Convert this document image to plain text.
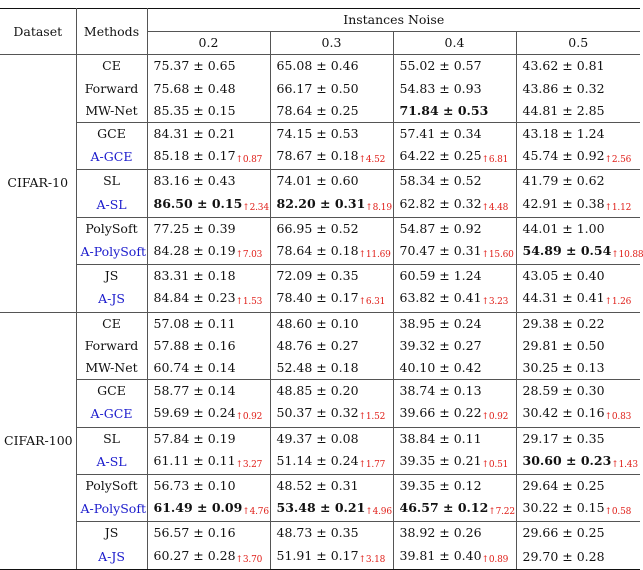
Dataset	Methods	Instances Noise			
		0.2	0.3	0.4	0.5
CIFAR-10	CE	75.37 ± 0.65	65.08 ± 0.46	55.02 ± 0.57	43.62 ± 0.81
	Forward	75.68 ± 0.48	66.17 ± 0.50	54.83 ± 0.93	43.86 ± 0.32
	MW-Net	85.35 ± 0.15	78.64 ± 0.25	71.84 ± 0.53	44.81 ± 2.85
	GCE	84.31 ± 0.21	74.15 ± 0.53	57.41 ± 0.34	43.18 ± 1.24
	A-GCE	85.18 ± 0.17↑0.87	78.67 ± 0.18↑4.52	64.22 ± 0.25↑6.81	45.74 ± 0.92↑2.56
	SL	83.16 ± 0.43	74.01 ± 0.60	58.34 ± 0.52	41.79 ± 0.62
	A-SL	86.50 ± 0.15↑2.34	82.20 ± 0.31↑8.19	62.82 ± 0.32↑4.48	42.91 ± 0.38↑1.12
	PolySoft	77.25 ± 0.39	66.95 ± 0.52	54.87 ± 0.92	44.01 ± 1.00
	A-PolySoft	84.28 ± 0.19↑7.03	78.64 ± 0.18↑11.69	70.47 ± 0.31↑15.60	54.89 ± 0.54↑10.88
	JS	83.31 ± 0.18	72.09 ± 0.35	60.59 ± 1.24	43.05 ± 0.40
	A-JS	84.84 ± 0.23↑1.53	78.40 ± 0.17↑6.31	63.82 ± 0.41↑3.23	44.31 ± 0.41↑1.26
CIFAR-100	CE	57.08 ± 0.11	48.60 ± 0.10	38.95 ± 0.24	29.38 ± 0.22
	Forward	57.88 ± 0.16	48.76 ± 0.27	39.32 ± 0.27	29.81 ± 0.50
	MW-Net	60.74 ± 0.14	52.48 ± 0.18	40.10 ± 0.42	30.25 ± 0.13
	GCE	58.77 ± 0.14	48.85 ± 0.20	38.74 ± 0.13	28.59 ± 0.30
	A-GCE	59.69 ± 0.24↑0.92	50.37 ± 0.32↑1.52	39.66 ± 0.22↑0.92	30.42 ± 0.16↑0.83
	SL	57.84 ± 0.19	49.37 ± 0.08	38.84 ± 0.11	29.17 ± 0.35
	A-SL	61.11 ± 0.11↑3.27	51.14 ± 0.24↑1.77	39.35 ± 0.21↑0.51	30.60 ± 0.23↑1.43
	PolySoft	56.73 ± 0.10	48.52 ± 0.31	39.35 ± 0.12	29.64 ± 0.25
	A-PolySoft	61.49 ± 0.09↑4.76	53.48 ± 0.21↑4.96	46.57 ± 0.12↑7.22	30.22 ± 0.15↑0.58
	JS	56.57 ± 0.16	48.73 ± 0.35	38.92 ± 0.26	29.66 ± 0.25
	A-JS	60.27 ± 0.28↑3.70	51.91 ± 0.17↑3.18	39.81 ± 0.40↑0.89	29.70 ± 0.28
